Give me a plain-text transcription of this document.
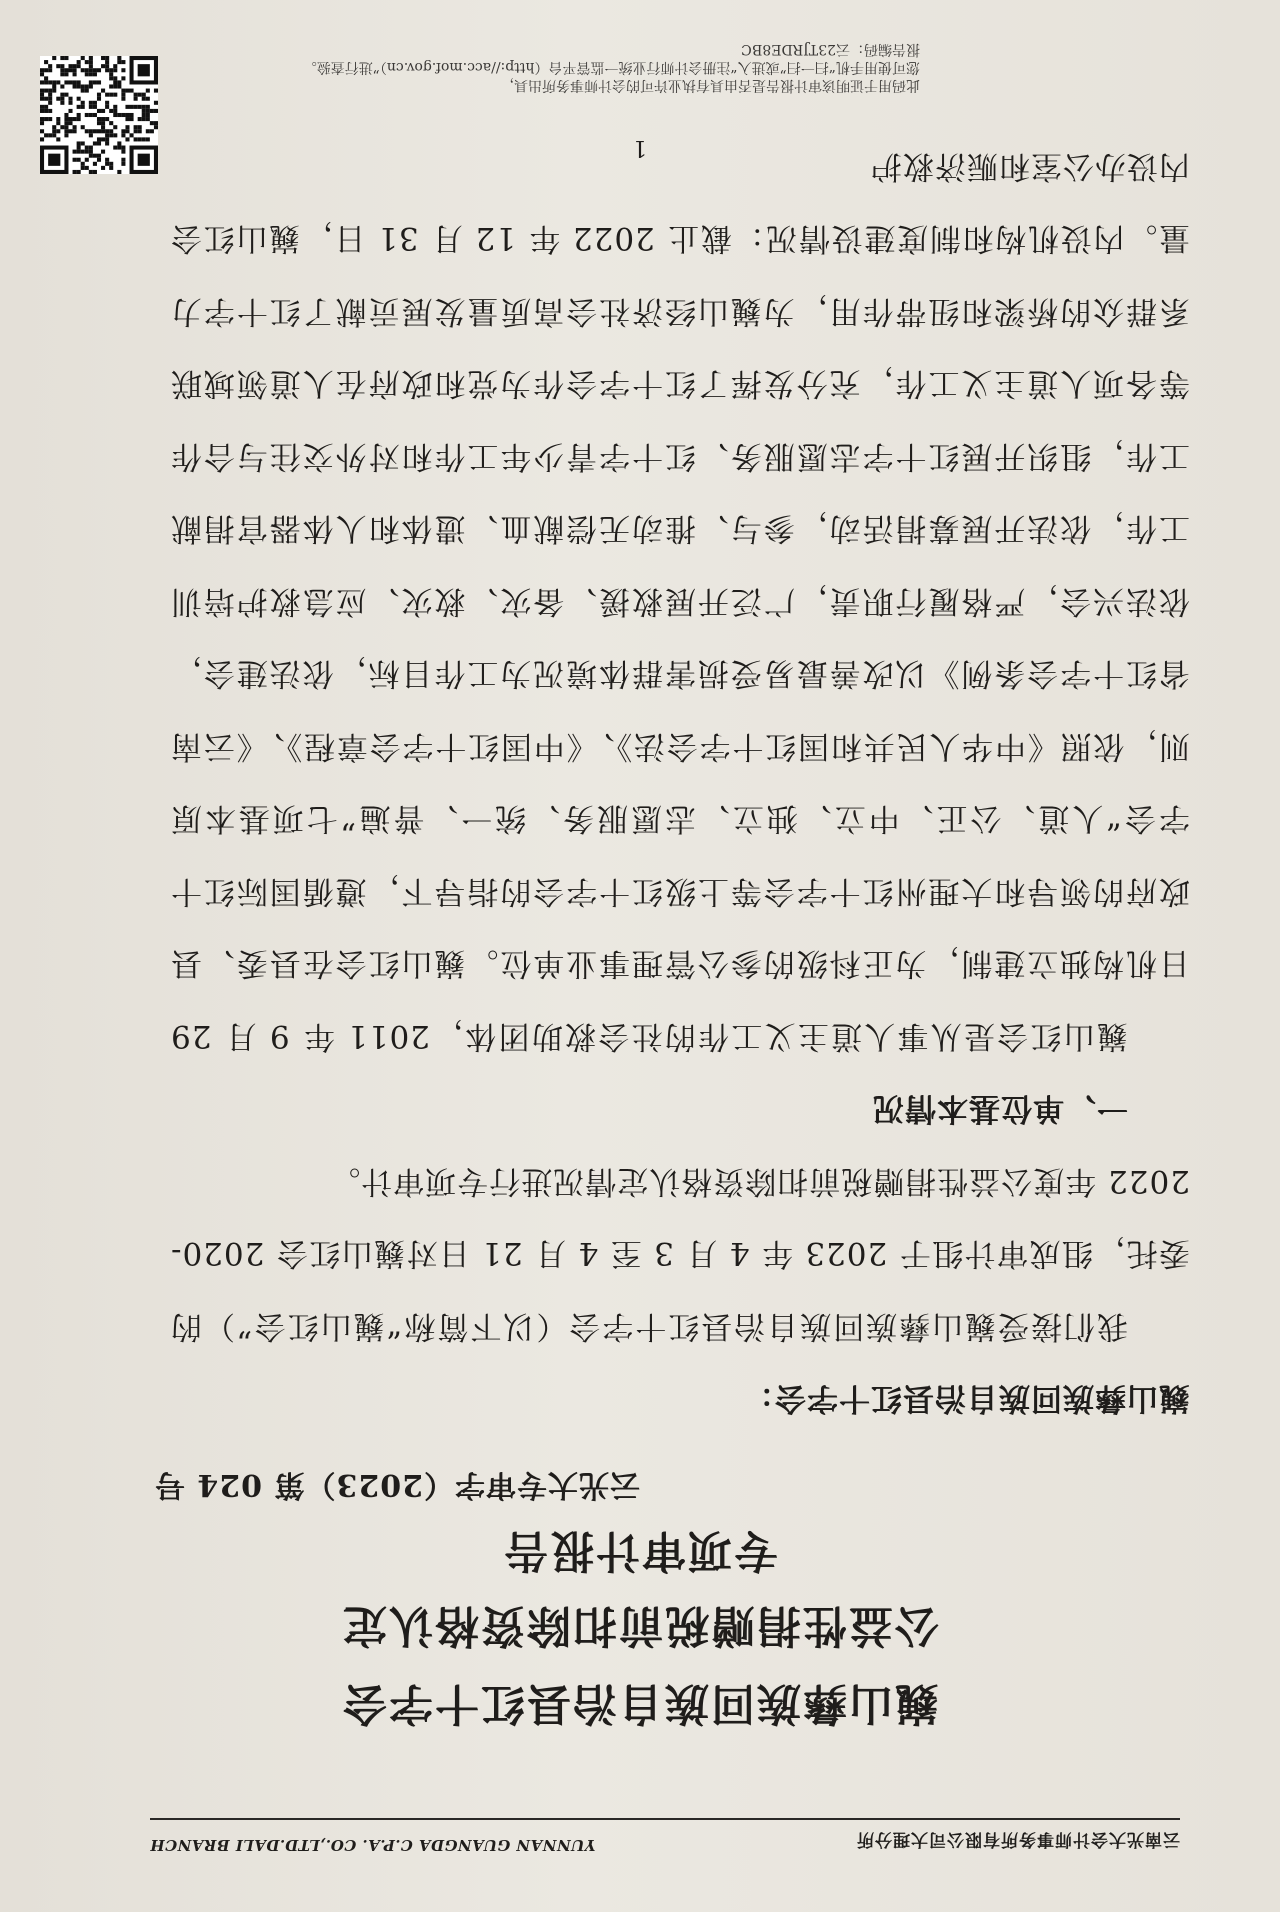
云南光大会计师事务所有限公司大理分所
YUNNAN GUANGDA C.P.A. CO.,LTD.DALI BRANCH
巍山彝族回族自治县红十字会
公益性捐赠税前扣除资格认定
专项审计报告
云光大专审字（2023）第 024 号
巍山彝族回族自治县红十字会：
我们接受巍山彝族回族自治县红十字会（以下简称“巍山红会”）的委托，组成审计组于 2023 年 4 月 3 至 4 月 21 日对巍山红会 2020-2022 年度公益性捐赠税前扣除资格认定情况进行专项审计。
一、单位基本情况
巍山红会是从事人道主义工作的社会救助团体，2011 年 9 月 29 日机构独立建制，为正科级的参公管理事业单位。巍山红会在县委、县政府的领导和大理州红十字会等上级红十字会的指导下，遵循国际红十字会“人道、公正、中立、独立、志愿服务、统一、普遍”七项基本原则，依照《中华人民共和国红十字会法》、《中国红十字会章程》、《云南省红十字会条例》以改善最易受损害群体境况为工作目标，依法建会，依法兴会，严格履行职责，广泛开展救援、备灾、救灾、应急救护培训工作，依法开展募捐活动，参与、推动无偿献血、遗体和人体器官捐献工作，组织开展红十字志愿服务、红十字青少年工作和对外交往与合作等各项人道主义工作，充分发挥了红十字会作为党和政府在人道领域联系群众的桥梁和纽带作用，为巍山经济社会高质量发展贡献了红十字力量。内设机构和制度建设情况：截止 2022 年 12 月 31 日，巍山红会内设办公室和赈济救护
1
此码用于证明该审计报告是否由具有执业许可的会计师事务所出具，
您可使用手机“扫一扫”或进入“注册会计师行业统一监管平台（http://acc.mof.gov.cn）”进行查验。
报告编码：云23TJRDE8BC
